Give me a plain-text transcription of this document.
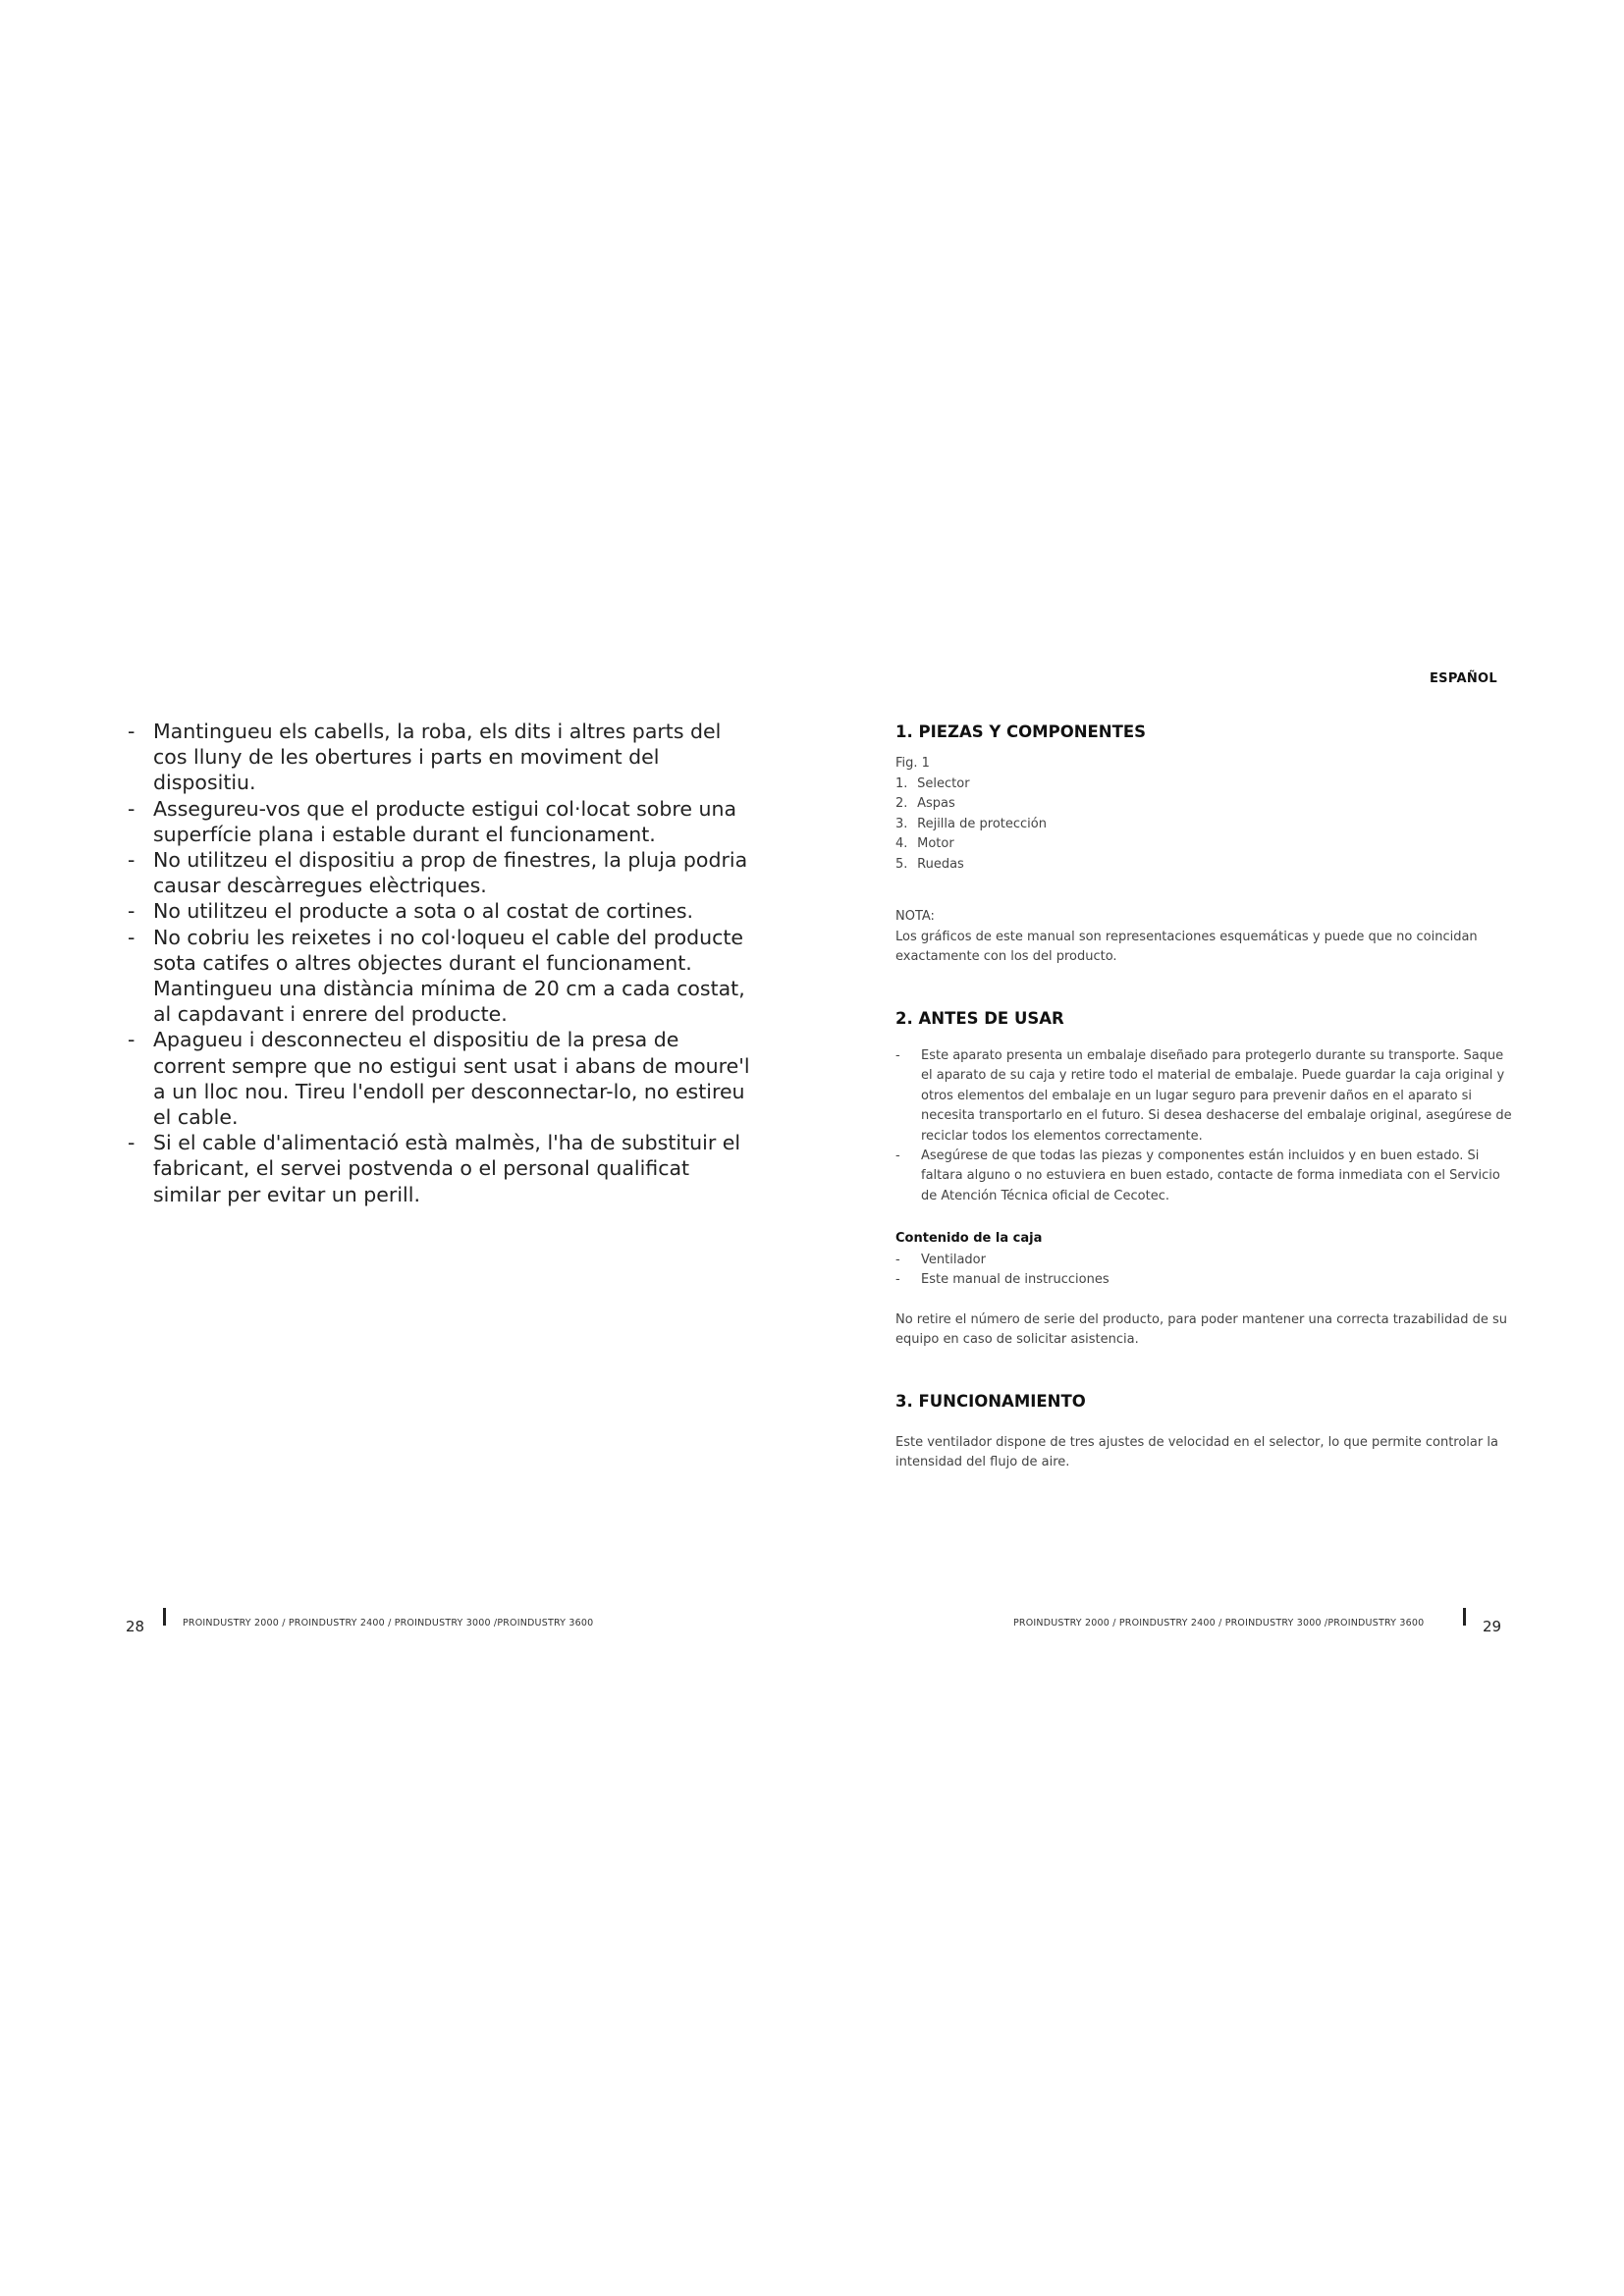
- Mantingueu els cabells, la roba, els dits i altres parts del cos lluny de les obertures i parts en moviment del dispositiu.
- Assegureu-vos que el producte estigui col·locat sobre una superfície plana i estable durant el funcionament.
- No utilitzeu el dispositiu a prop de finestres, la pluja podria causar descàrregues elèctriques.
- No utilitzeu el producte a sota o al costat de cortines.
- No cobriu les reixetes i no col·loqueu el cable del producte sota catifes o altres objectes durant el funcionament. Mantingueu una distància mínima de 20 cm a cada costat, al capdavant i enrere del producte.
- Apagueu i desconnecteu el dispositiu de la presa de corrent sempre que no estigui sent usat i abans de moure'l a un lloc nou. Tireu l'endoll per desconnectar-lo, no estireu el cable.
- Si el cable d'alimentació està malmès, l'ha de substituir el fabricant, el servei postvenda o el personal qualificat similar per evitar un perill.
28	PROINDUSTRY 2000 / PROINDUSTRY 2400 / PROINDUSTRY 3000 /PROINDUSTRY 3600
ESPAÑOL
1. PIEZAS Y COMPONENTES
Fig. 1
1. Selector
2. Aspas
3. Rejilla de protección
4. Motor
5. Ruedas
NOTA:

Los gráficos de este manual son representaciones esquemáticas y puede que no coincidan exactamente con los del producto.

2. ANTES DE USAR
- Este aparato presenta un embalaje diseñado para protegerlo durante su transporte. Saque el aparato de su caja y retire todo el material de embalaje. Puede guardar la caja original y otros elementos del embalaje en un lugar seguro para prevenir daños en el aparato si necesita transportarlo en el futuro. Si desea deshacerse del embalaje original, asegúrese de reciclar todos los elementos correctamente.
- Asegúrese de que todas las piezas y componentes están incluidos y en buen estado. Si faltara alguno o no estuviera en buen estado, contacte de forma inmediata con el Servicio de Atención Técnica oficial de Cecotec.
Contenido de la caja
- Ventilador
- Este manual de instrucciones

No retire el número de serie del producto, para poder mantener una correcta trazabilidad de su equipo en caso de solicitar asistencia.

3. FUNCIONAMIENTO

Este ventilador dispone de tres ajustes de velocidad en el selector, lo que permite controlar la intensidad del flujo de aire.

PROINDUSTRY 2000 / PROINDUSTRY 2400 / PROINDUSTRY 3000 /PROINDUSTRY 3600	29
